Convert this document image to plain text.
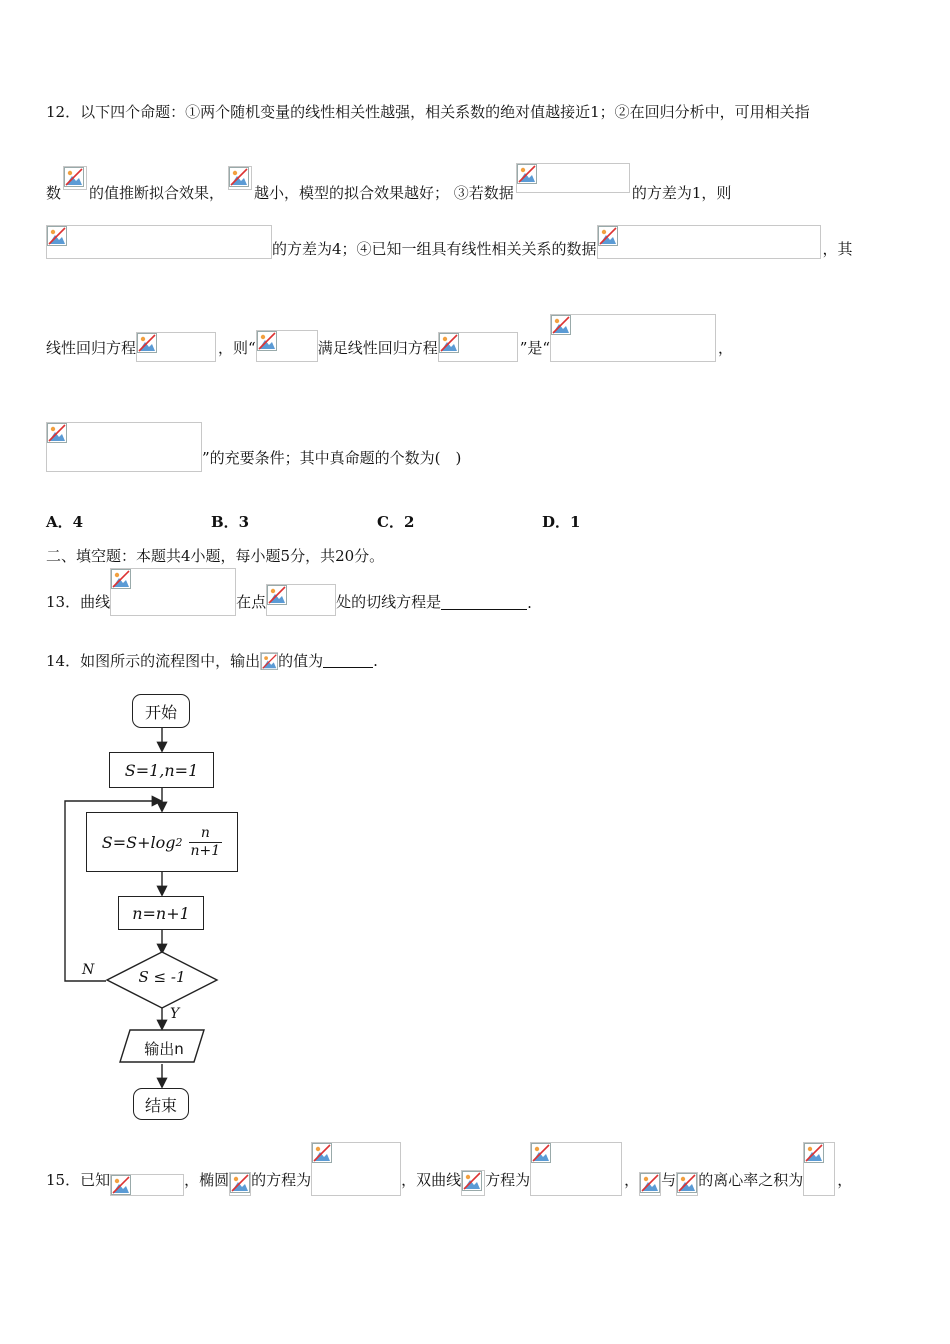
12．以下四个命题：①两个随机变量的线性相关性越强，相关系数的绝对值越接近1；②在回归分析中，可用相关指
数 的值推断拟合效果， 越小，模型的拟合效果越好； ③若数据	的方差为1，则
的方差为4；④已知一组具有线性相关关系的数据	，其
线性回归方程	，则“	满足线性回归方程	”是“	，
”的充要条件；其中真命题的个数为(　)
A．4	B．3	C．2	D．1
二、填空题：本题共4小题，每小题5分，共20分。
13．曲线	在点	处的切线方程是	.
14．如图所示的流程图中，输出 的值为	.
开始
S=1,n=1
S=S+log $2 \frac{n}{n+1}$
n=n+1
S ≤ -1
N
Y
输出n
结束
15．已知	，椭圆 的方程为	，双曲线 方程为	， 与 的离心率之积为 ，
